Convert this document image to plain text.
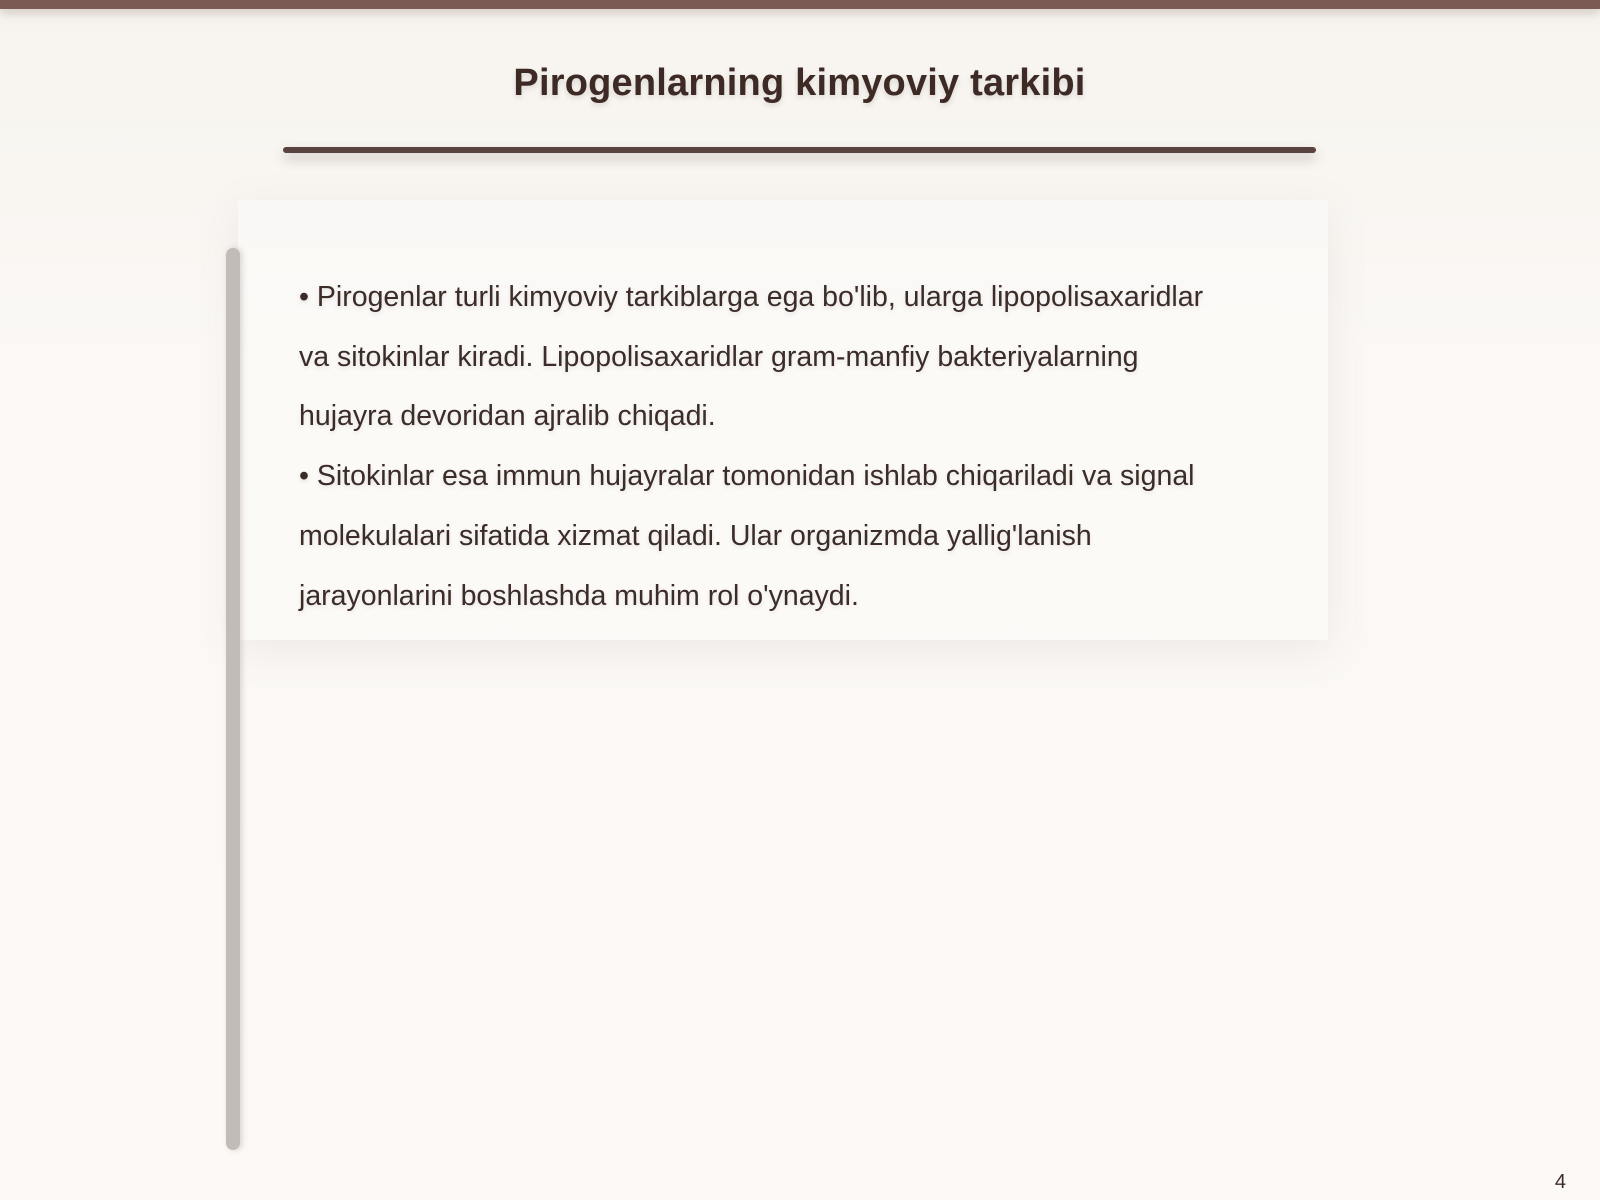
Pirogenlarning kimyoviy tarkibi

• Pirogenlar turli kimyoviy tarkiblarga ega bo'lib, ularga lipopolisaxaridlar
va sitokinlar kiradi. Lipopolisaxaridlar gram-manfiy bakteriyalarning
hujayra devoridan ajralib chiqadi.

• Sitokinlar esa immun hujayralar tomonidan ishlab chiqariladi va signal
molekulalari sifatida xizmat qiladi. Ular organizmda yallig'lanish
jarayonlarini boshlashda muhim rol o'ynaydi.

4
